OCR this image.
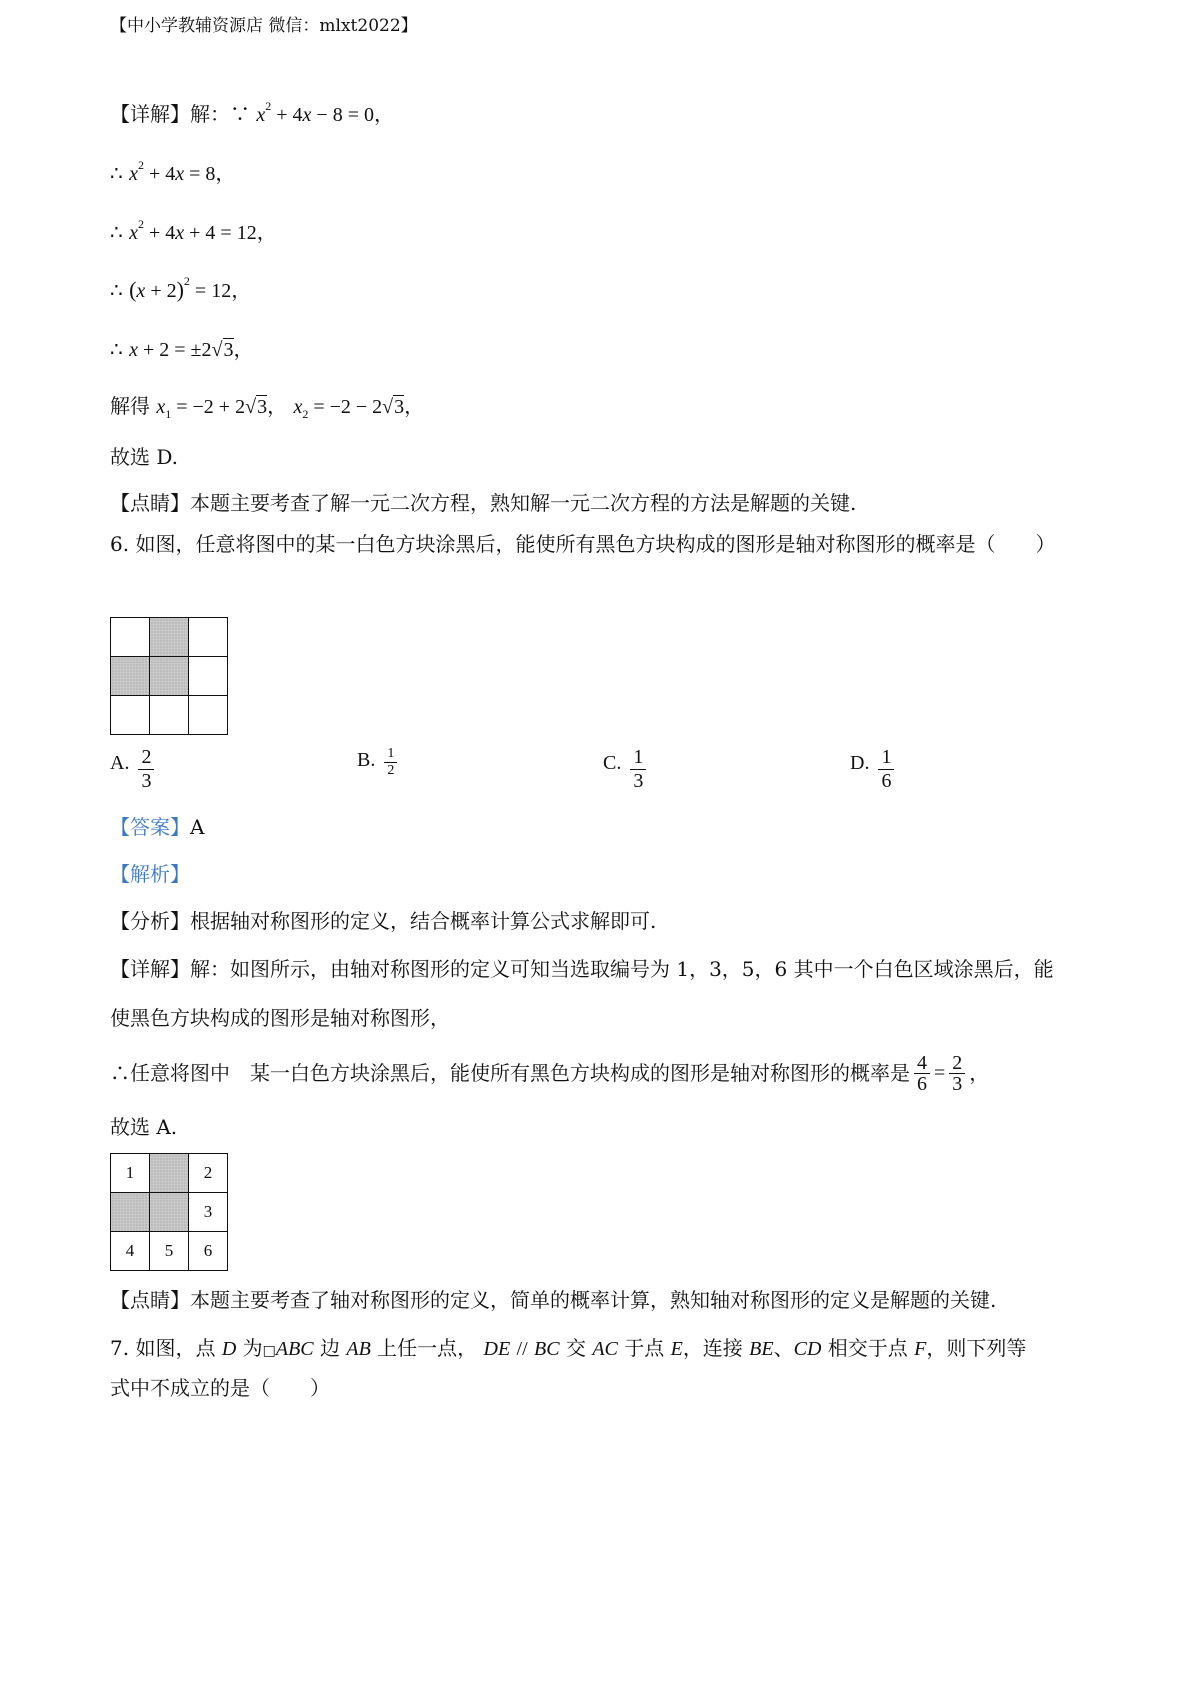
【中小学教辅资源店 微信：mlxt2022】
【详解】解：∵ $x^2 + 4x - 8 = 0$，
∴ $x^2 + 4x = 8$，
∴ $x^2 + 4x + 4 = 12$，
∴ $(x + 2)^2 = 12$，
∴ x + 2 = ±2√3，
解得 $x_1 = -2 + 2√3$， $x_2 = -2 - 2√3$，
故选 D.
【点睛】本题主要考查了解一元二次方程，熟知解一元二次方程的方法是解题的关键.
6. 如图，任意将图中的某一白色方块涂黑后，能使所有黑色方块构成的图形是轴对称图形的概率是（　　）

A. $\frac{2}{3}$	B. $\frac{1}{2}$	C. $\frac{1}{3}$	D. $\frac{1}{6}$
【答案】A
【解析】
【分析】根据轴对称图形的定义，结合概率计算公式求解即可.
【详解】解：如图所示，由轴对称图形的定义可知当选取编号为 1，3，5，6 其中一个白色区域涂黑后，能
使黑色方块构成的图形是轴对称图形，
∴任意将图中　某一白色方块涂黑后，能使所有黑色方块构成的图形是轴对称图形的概率是 $\frac{4}{6} = \frac{2}{3}$ ，
故选 A.
1		2
		3
4	5	6
【点睛】本题主要考查了轴对称图形的定义，简单的概率计算，熟知轴对称图形的定义是解题的关键.
7. 如图，点 D 为□ABC 边 AB 上任一点， DE // BC 交 AC 于点 E，连接 BE、CD 相交于点 F，则下列等
式中不成立的是（　　）
